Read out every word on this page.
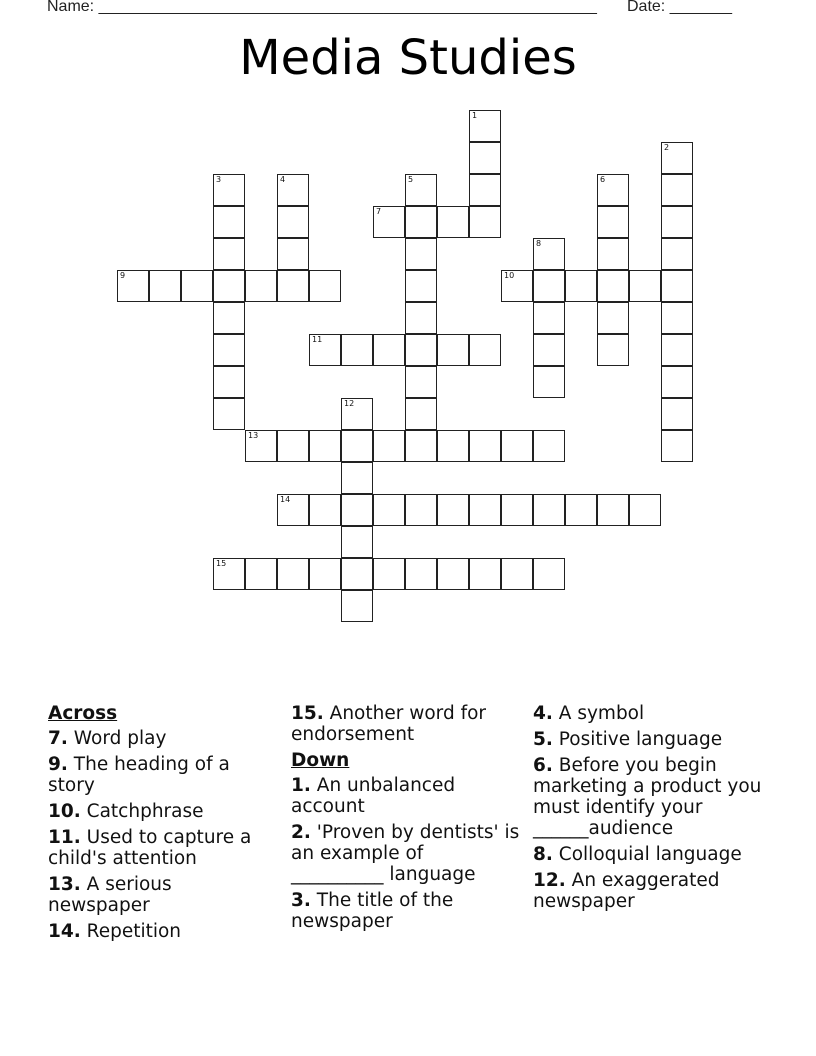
Name: ________________________________________________________ Date: _______
Media Studies
1
2
3	4	5	6
7
8
9	10
11
12
13
14
15
Across
7. Word play
9. The heading of a story
10. Catchphrase
11. Used to capture a child's attention
13. A serious newspaper
14. Repetition
15. Another word for endorsement
Down
1. An unbalanced account
2. 'Proven by dentists' is an example of __________ language
3. The title of the newspaper
4. A symbol
5. Positive language
6. Before you begin marketing a product you must identify your ______audience
8. Colloquial language
12. An exaggerated newspaper
